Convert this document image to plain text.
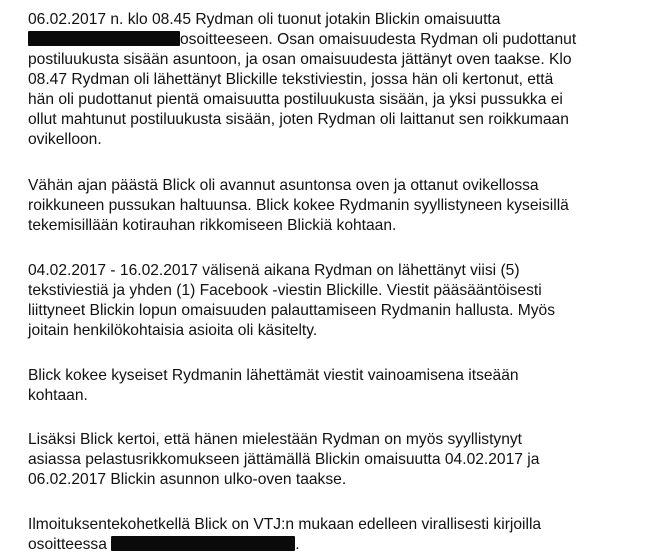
06.02.2017 n. klo 08.45 Rydman oli tuonut jotakin Blickin omaisuutta
osoitteeseen. Osan omaisuudesta Rydman oli pudottanut
postiluukusta sisään asuntoon, ja osan omaisuudesta jättänyt oven taakse. Klo
08.47 Rydman oli lähettänyt Blickille tekstiviestin, jossa hän oli kertonut, että
hän oli pudottanut pientä omaisuutta postiluukusta sisään, ja yksi pussukka ei
ollut mahtunut postiluukusta sisään, joten Rydman oli laittanut sen roikkumaan
ovikelloon.
Vähän ajan päästä Blick oli avannut asuntonsa oven ja ottanut ovikellossa
roikkuneen pussukan haltuunsa. Blick kokee Rydmanin syyllistyneen kyseisillä
tekemisillään kotirauhan rikkomiseen Blickiä kohtaan.
04.02.2017 - 16.02.2017 välisenä aikana Rydman on lähettänyt viisi (5)
tekstiviestiä ja yhden (1) Facebook -viestin Blickille. Viestit pääsääntöisesti
liittyneet Blickin lopun omaisuuden palauttamiseen Rydmanin hallusta. Myös
joitain henkilökohtaisia asioita oli käsitelty.
Blick kokee kyseiset Rydmanin lähettämät viestit vainoamisena itseään
kohtaan.
Lisäksi Blick kertoi, että hänen mielestään Rydman on myös syyllistynyt
asiassa pelastusrikkomukseen jättämällä Blickin omaisuutta 04.02.2017 ja
06.02.2017 Blickin asunnon ulko-oven taakse.
Ilmoituksentekohetkellä Blick on VTJ:n mukaan edelleen virallisesti kirjoilla
osoitteessa	.
